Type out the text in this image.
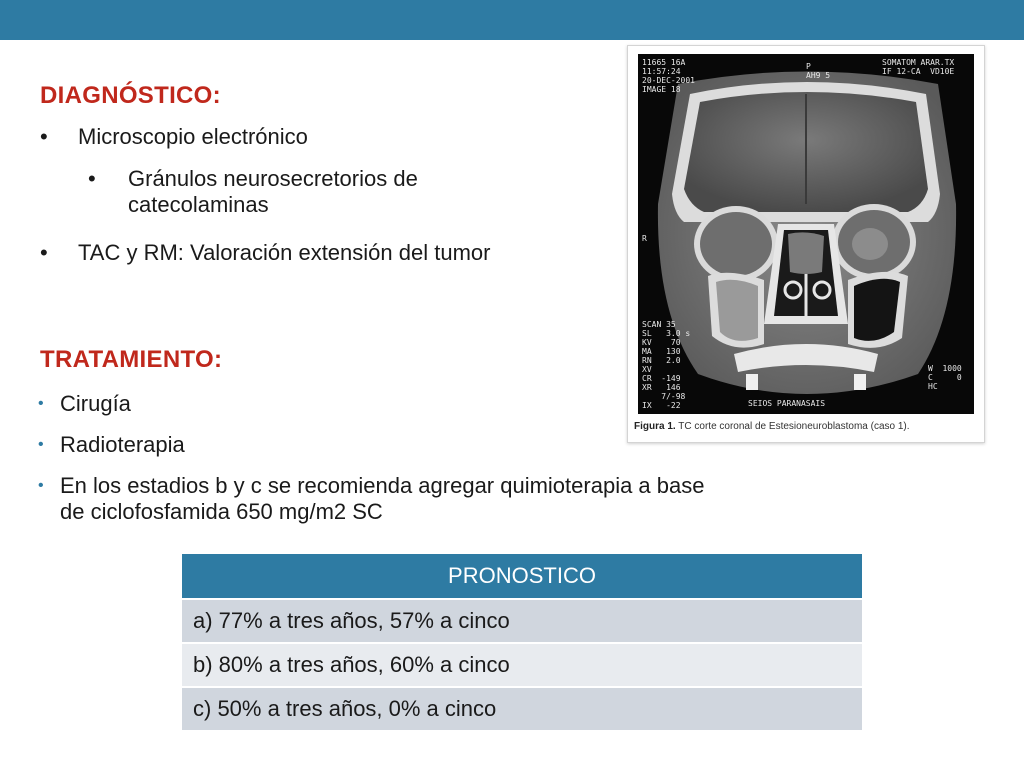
DIAGNÓSTICO:
• Microscopio electrónico
• Gránulos neurosecretorios de
catecolaminas
• TAC y RM: Valoración extensión del tumor
TRATAMIENTO:
• Cirugía
• Radioterapia
• En los estadios b y c se recomienda agregar quimioterapia a base
de ciclofosfamida 650 mg/m2 SC
11665 16A
11:57:24
20-DEC-2001
IMAGE 18
SOMATOM ARAR.TX
IF 12-CA  VD10E
P
AH9 5
R
SCAN 35
SL   3.0 s
KV    70
MA   130
RN   2.0
XV
CR  -149
XR   146
7/-98
IX   -22
W  1000
C     0
HC
SEIOS PARANASAIS
Figura 1. TC corte coronal de Estesioneuroblastoma (caso 1).
PRONOSTICO
a) 77% a tres años, 57% a cinco
b) 80% a tres años, 60% a cinco
c) 50% a tres años, 0% a cinco
